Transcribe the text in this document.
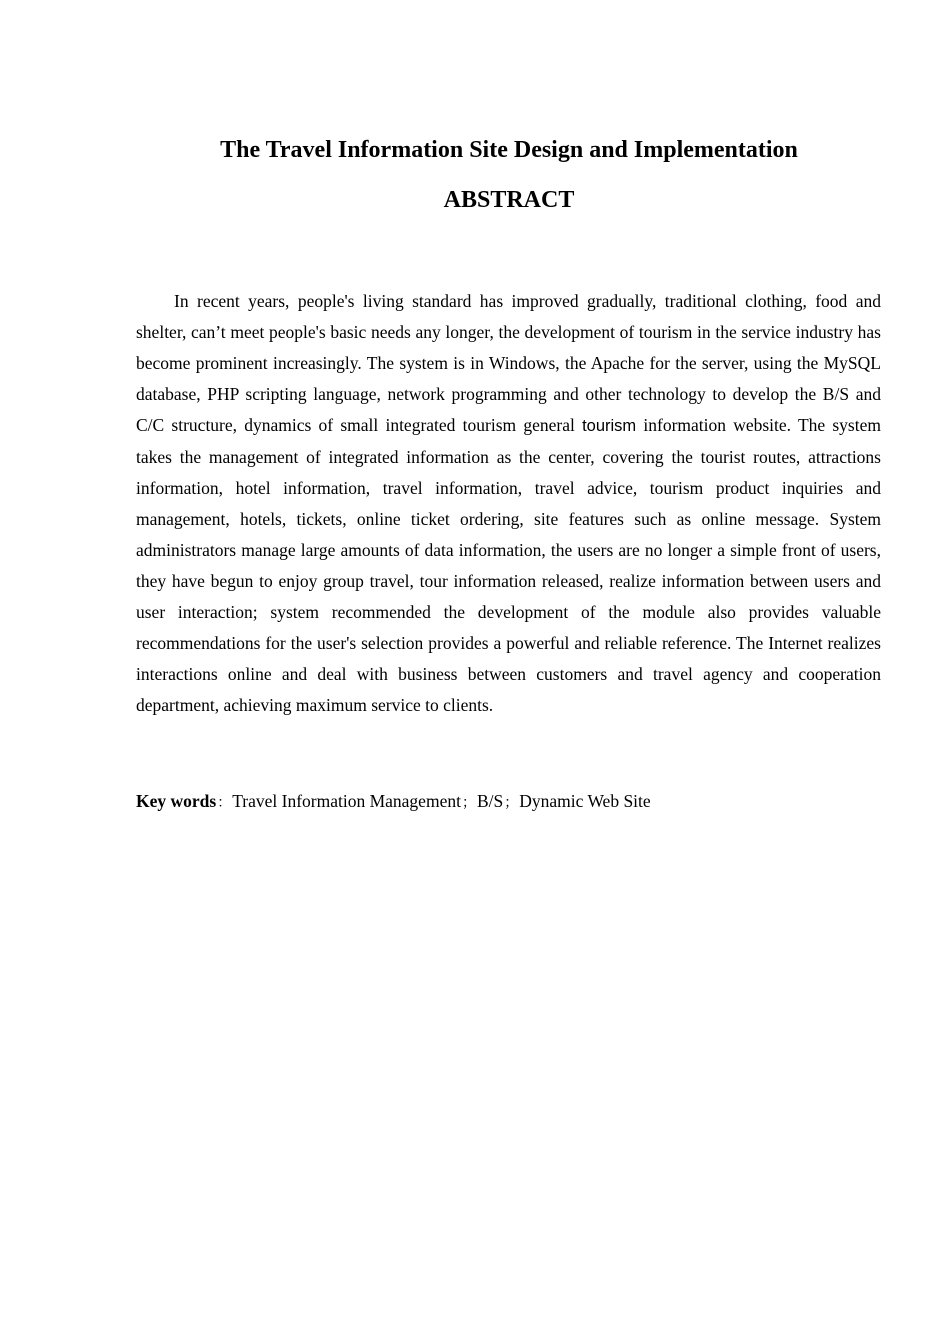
The Travel Information Site Design and Implementation
ABSTRACT

In recent years, people's living standard has improved gradually, traditional clothing, food and shelter, can’t meet people's basic needs any longer, the development of tourism in the service industry has become prominent increasingly. The system is in Windows, the Apache for the server, using the MySQL database, PHP scripting language, network programming and other technology to develop the B/S and C/C structure, dynamics of small integrated tourism general tourism information website. The system takes the management of integrated information as the center, covering the tourist routes, attractions information, hotel information, travel information, travel advice, tourism product inquiries and management, hotels, tickets, online ticket ordering, site features such as online message. System administrators manage large amounts of data information, the users are no longer a simple front of users, they have begun to enjoy group travel, tour information released, realize information between users and user interaction; system recommended the development of the module also provides valuable recommendations for the user's selection provides a powerful and reliable reference. The Internet realizes interactions online and deal with business between customers and travel agency and cooperation department, achieving maximum service to clients.

Key words：Travel Information Management；B/S；Dynamic Web Site
